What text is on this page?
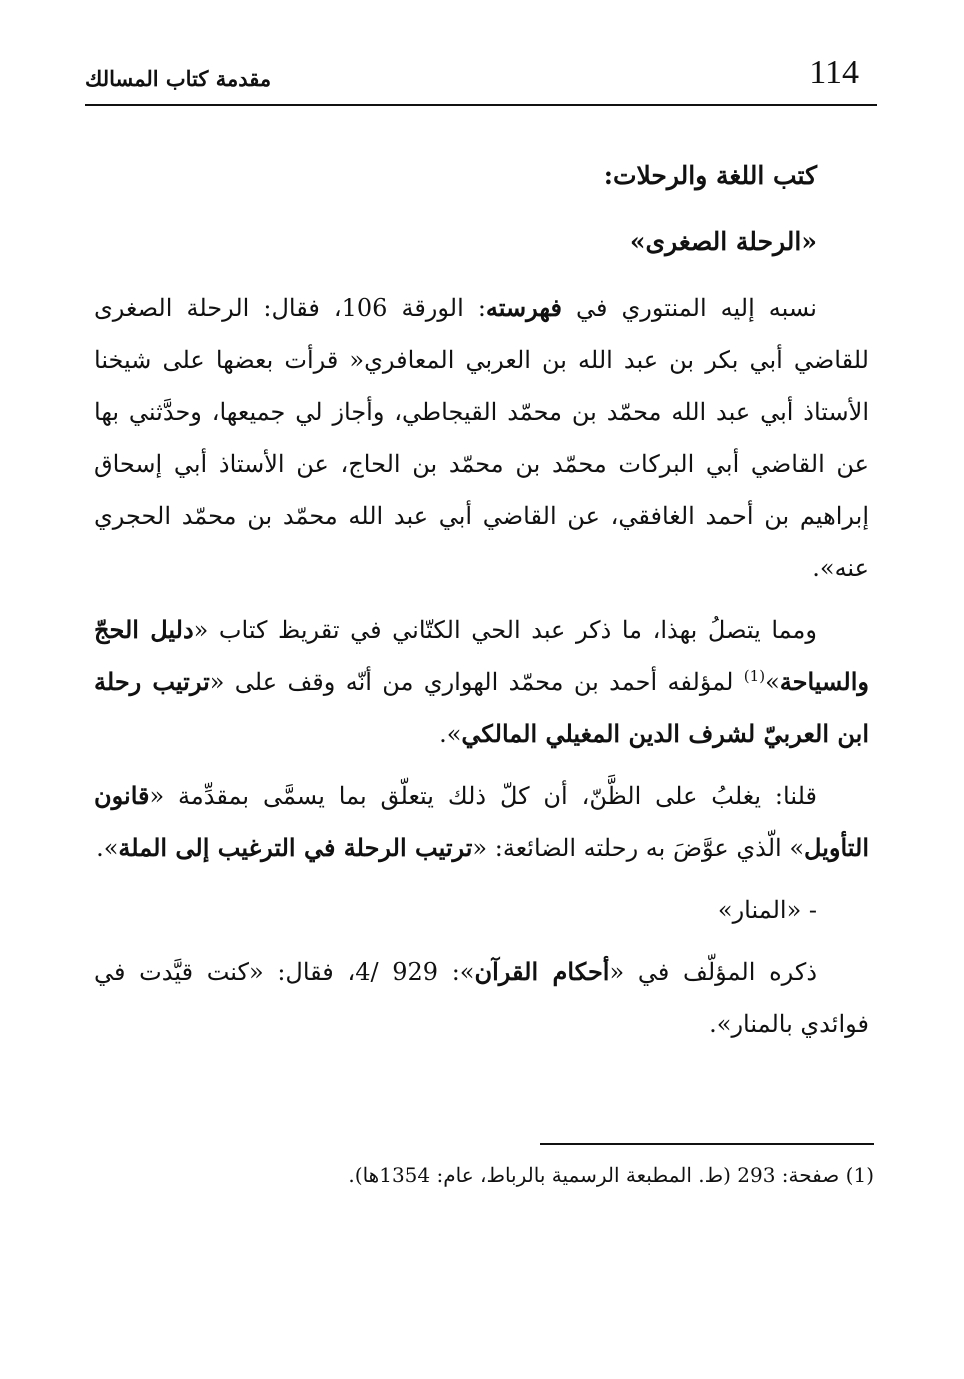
114
مقدمة كتاب المسالك
كتب اللغة والرحلات:
«الرحلة الصغرى»

نسبه إليه المنتوري في فهرسته: الورقة 106، فقال: الرحلة الصغرى للقاضي أبي بكر بن عبد الله بن العربي المعافري« قرأت بعضها على شيخنا الأستاذ أبي عبد الله محمّد بن محمّد القيجاطي، وأجاز لي جميعها، وحدَّثني بها عن القاضي أبي البركات محمّد بن محمّد بن الحاج، عن الأستاذ أبي إسحاق إبراهيم بن أحمد الغافقي، عن القاضي أبي عبد الله محمّد بن محمّد الحجري عنه».

ومما يتصلُ بهذا، ما ذكر عبد الحي الكتّاني في تقريظ كتاب «دليل الحجّ والسياحة»$^{(1)}$ لمؤلفه أحمد بن محمّد الهواري من أنّه وقف على «ترتيب رحلة ابن العربيّ لشرف الدين المغيلي المالكي».

قلنا: يغلبُ على الظَّنّ، أن كلّ ذلك يتعلّق بما يسمَّى بمقدِّمة «قانون التأويل» الّذي عوَّضَ به رحلته الضائعة: «ترتيب الرحلة في الترغيب إلى الملة».

- «المنار»

ذكره المؤلّف في «أحكام القرآن»: 4/ 929، فقال: «كنت قيَّدت في فوائدي بالمنار».

(1) صفحة: 293 (ط. المطبعة الرسمية بالرباط، عام: 1354ها).
